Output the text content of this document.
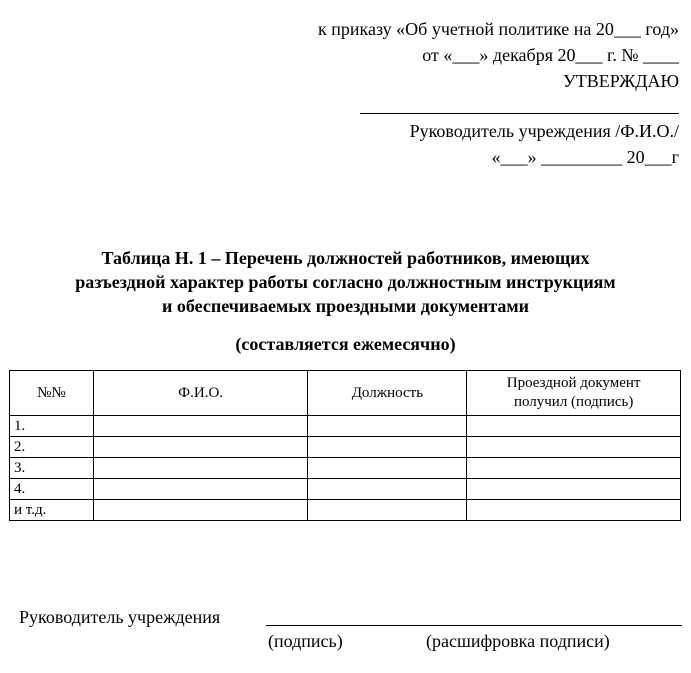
к приказу «Об учетной политике на 20___ год»
от «___» декабря 20___ г. № ____
УТВЕРЖДАЮ
Руководитель учреждения /Ф.И.О./
«___» _________ 20___г
Таблица Н. 1 – Перечень должностей работников, имеющих
разъездной характер работы согласно должностным инструкциям
и обеспечиваемых проездными документами
(составляется ежемесячно)
№№	Ф.И.О.	Должность	Проездной документ
получил (подпись)
1.			
2.			
3.			
4.			
и т.д.			
Руководитель учреждения
(подпись)	(расшифровка подписи)
